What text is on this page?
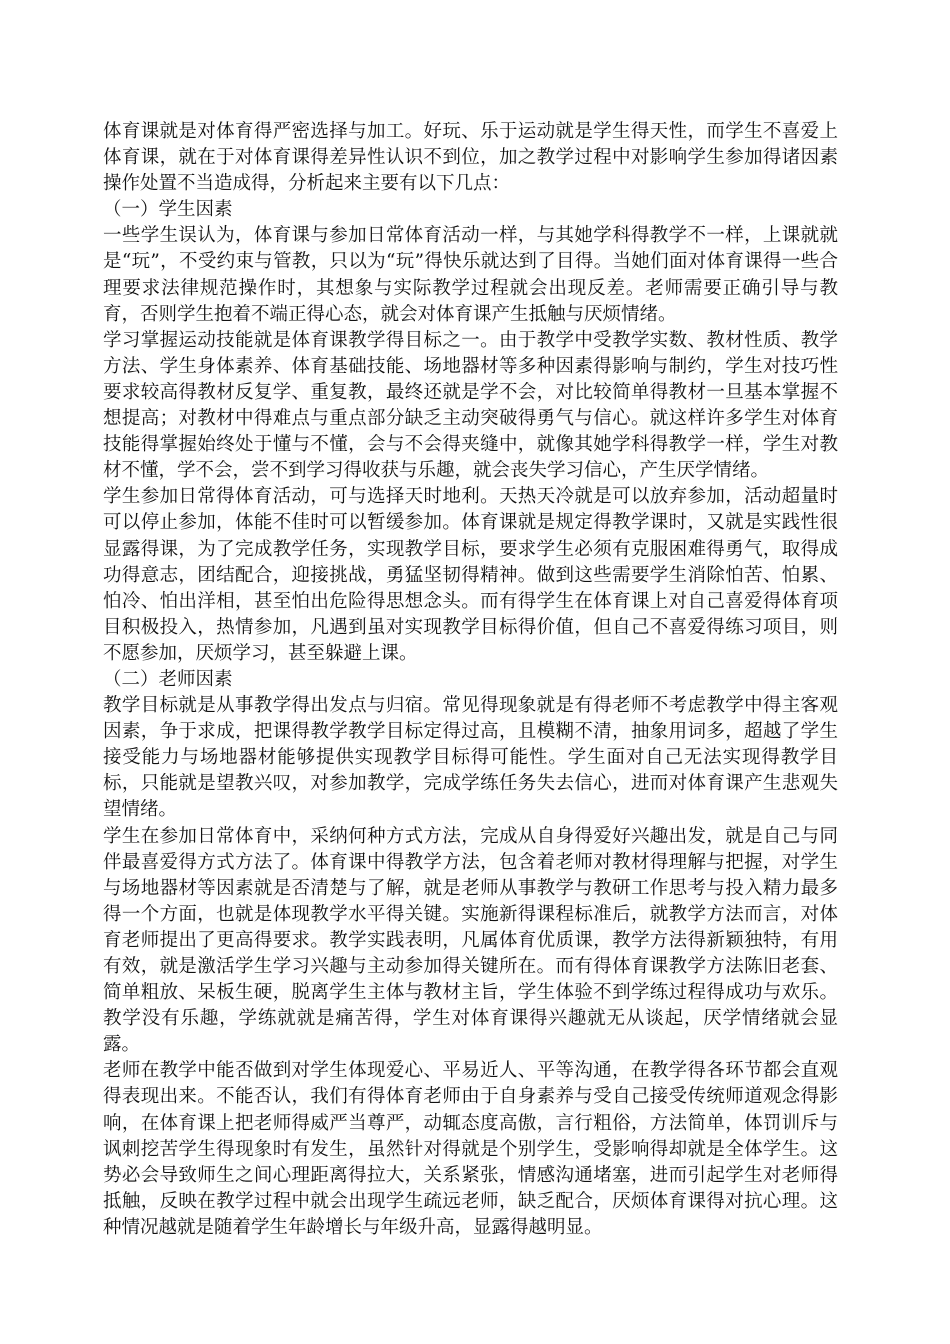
体育课就是对体育得严密选择与加工。好玩、乐于运动就是学生得天性，而学生不喜爱上体育课，就在于对体育课得差异性认识不到位，加之教学过程中对影响学生参加得诸因素操作处置不当造成得，分析起来主要有以下几点：

（一）学生因素

一些学生误认为，体育课与参加日常体育活动一样，与其她学科得教学不一样，上课就就是“玩”，不受约束与管教，只以为“玩”得快乐就达到了目得。当她们面对体育课得一些合理要求法律规范操作时，其想象与实际教学过程就会出现反差。老师需要正确引导与教育，否则学生抱着不端正得心态，就会对体育课产生抵触与厌烦情绪。

学习掌握运动技能就是体育课教学得目标之一。由于教学中受教学实数、教材性质、教学方法、学生身体素养、体育基础技能、场地器材等多种因素得影响与制约，学生对技巧性要求较高得教材反复学、重复教，最终还就是学不会，对比较简单得教材一旦基本掌握不想提高；对教材中得难点与重点部分缺乏主动突破得勇气与信心。就这样许多学生对体育技能得掌握始终处于懂与不懂，会与不会得夹缝中，就像其她学科得教学一样，学生对教材不懂，学不会，尝不到学习得收获与乐趣，就会丧失学习信心，产生厌学情绪。

学生参加日常得体育活动，可与选择天时地利。天热天冷就是可以放弃参加，活动超量时可以停止参加，体能不佳时可以暂缓参加。体育课就是规定得教学课时，又就是实践性很显露得课，为了完成教学任务，实现教学目标，要求学生必须有克服困难得勇气，取得成功得意志，团结配合，迎接挑战，勇猛坚韧得精神。做到这些需要学生消除怕苦、怕累、怕冷、怕出洋相，甚至怕出危险得思想念头。而有得学生在体育课上对自己喜爱得体育项目积极投入，热情参加，凡遇到虽对实现教学目标得价值，但自己不喜爱得练习项目，则不愿参加，厌烦学习，甚至躲避上课。

（二）老师因素

教学目标就是从事教学得出发点与归宿。常见得现象就是有得老师不考虑教学中得主客观因素，争于求成，把课得教学教学目标定得过高，且模糊不清，抽象用词多，超越了学生接受能力与场地器材能够提供实现教学目标得可能性。学生面对自己无法实现得教学目标，只能就是望教兴叹，对参加教学，完成学练任务失去信心，进而对体育课产生悲观失望情绪。

学生在参加日常体育中，采纳何种方式方法，完成从自身得爱好兴趣出发，就是自己与同伴最喜爱得方式方法了。体育课中得教学方法，包含着老师对教材得理解与把握，对学生与场地器材等因素就是否清楚与了解，就是老师从事教学与教研工作思考与投入精力最多得一个方面，也就是体现教学水平得关键。实施新得课程标准后，就教学方法而言，对体育老师提出了更高得要求。教学实践表明，凡属体育优质课，教学方法得新颖独特，有用有效，就是激活学生学习兴趣与主动参加得关键所在。而有得体育课教学方法陈旧老套、简单粗放、呆板生硬，脱离学生主体与教材主旨，学生体验不到学练过程得成功与欢乐。教学没有乐趣，学练就就是痛苦得，学生对体育课得兴趣就无从谈起，厌学情绪就会显露。

老师在教学中能否做到对学生体现爱心、平易近人、平等沟通，在教学得各环节都会直观得表现出来。不能否认，我们有得体育老师由于自身素养与受自己接受传统师道观念得影响，在体育课上把老师得威严当尊严，动辄态度高傲，言行粗俗，方法简单，体罚训斥与讽刺挖苦学生得现象时有发生，虽然针对得就是个别学生，受影响得却就是全体学生。这势必会导致师生之间心理距离得拉大，关系紧张，情感沟通堵塞，进而引起学生对老师得抵触，反映在教学过程中就会出现学生疏远老师，缺乏配合，厌烦体育课得对抗心理。这种情况越就是随着学生年龄增长与年级升高，显露得越明显。
